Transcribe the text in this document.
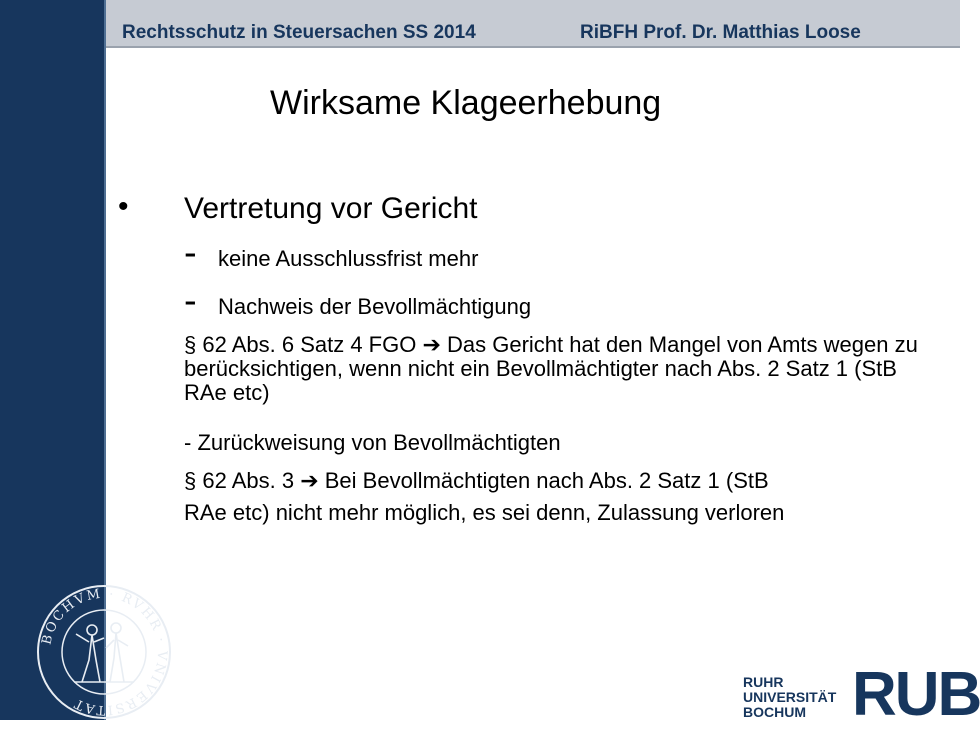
Rechtsschutz in Steuersachen SS 2014	RiBFH Prof. Dr. Matthias Loose
Wirksame Klageerhebung
• Vertretung vor Gericht
- keine Ausschlussfrist mehr
- Nachweis der Bevollmächtigung
§ 62 Abs. 6 Satz 4 FGO ➔ Das Gericht hat den Mangel von Amts wegen zu berücksichtigen, wenn nicht ein Bevollmächtigter nach Abs. 2 Satz 1 (StB RAe etc)
- Zurückweisung von Bevollmächtigten
§ 62 Abs. 3 ➔ Bei Bevollmächtigten nach Abs. 2 Satz 1 (StB
RAe etc) nicht mehr möglich, es sei denn, Zulassung verloren
BOCHVM · RVHR · VNIVERSITAT
RUHR
UNIVERSITÄT
BOCHUM RUB
